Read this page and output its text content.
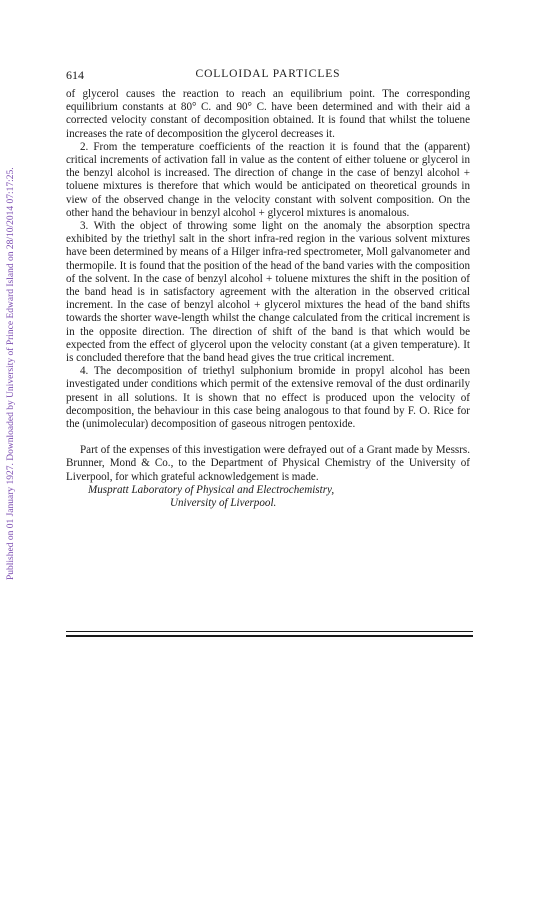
Published on 01 January 1927. Downloaded by University of Prince Edward Island on 28/10/2014 07:17:25.
614	COLLOIDAL PARTICLES

of glycerol causes the reaction to reach an equilibrium point. The corresponding equilibrium constants at 80° C. and 90° C. have been determined and with their aid a corrected velocity constant of decomposition obtained. It is found that whilst the toluene increases the rate of decomposition the glycerol decreases it.

2. From the temperature coefficients of the reaction it is found that the (apparent) critical increments of activation fall in value as the content of either toluene or glycerol in the benzyl alcohol is increased. The direction of change in the case of benzyl alcohol + toluene mixtures is therefore that which would be anticipated on theoretical grounds in view of the observed change in the velocity constant with solvent composition. On the other hand the behaviour in benzyl alcohol + glycerol mixtures is anomalous.

3. With the object of throwing some light on the anomaly the absorption spectra exhibited by the triethyl salt in the short infra-red region in the various solvent mixtures have been determined by means of a Hilger infra-red spectrometer, Moll galvanometer and thermopile. It is found that the position of the head of the band varies with the composition of the solvent. In the case of benzyl alcohol + toluene mixtures the shift in the position of the band head is in satisfactory agreement with the alteration in the observed critical increment. In the case of benzyl alcohol + glycerol mixtures the head of the band shifts towards the shorter wave-length whilst the change calculated from the critical increment is in the opposite direction. The direction of shift of the band is that which would be expected from the effect of glycerol upon the velocity constant (at a given temperature). It is concluded therefore that the band head gives the true critical increment.

4. The decomposition of triethyl sulphonium bromide in propyl alcohol has been investigated under conditions which permit of the extensive removal of the dust ordinarily present in all solutions. It is shown that no effect is produced upon the velocity of decomposition, the behaviour in this case being analogous to that found by F. O. Rice for the (unimolecular) decomposition of gaseous nitrogen pentoxide.

Part of the expenses of this investigation were defrayed out of a Grant made by Messrs. Brunner, Mond & Co., to the Department of Physical Chemistry of the University of Liverpool, for which grateful acknowledgement is made.

Muspratt Laboratory of Physical and Electrochemistry,

University of Liverpool.
